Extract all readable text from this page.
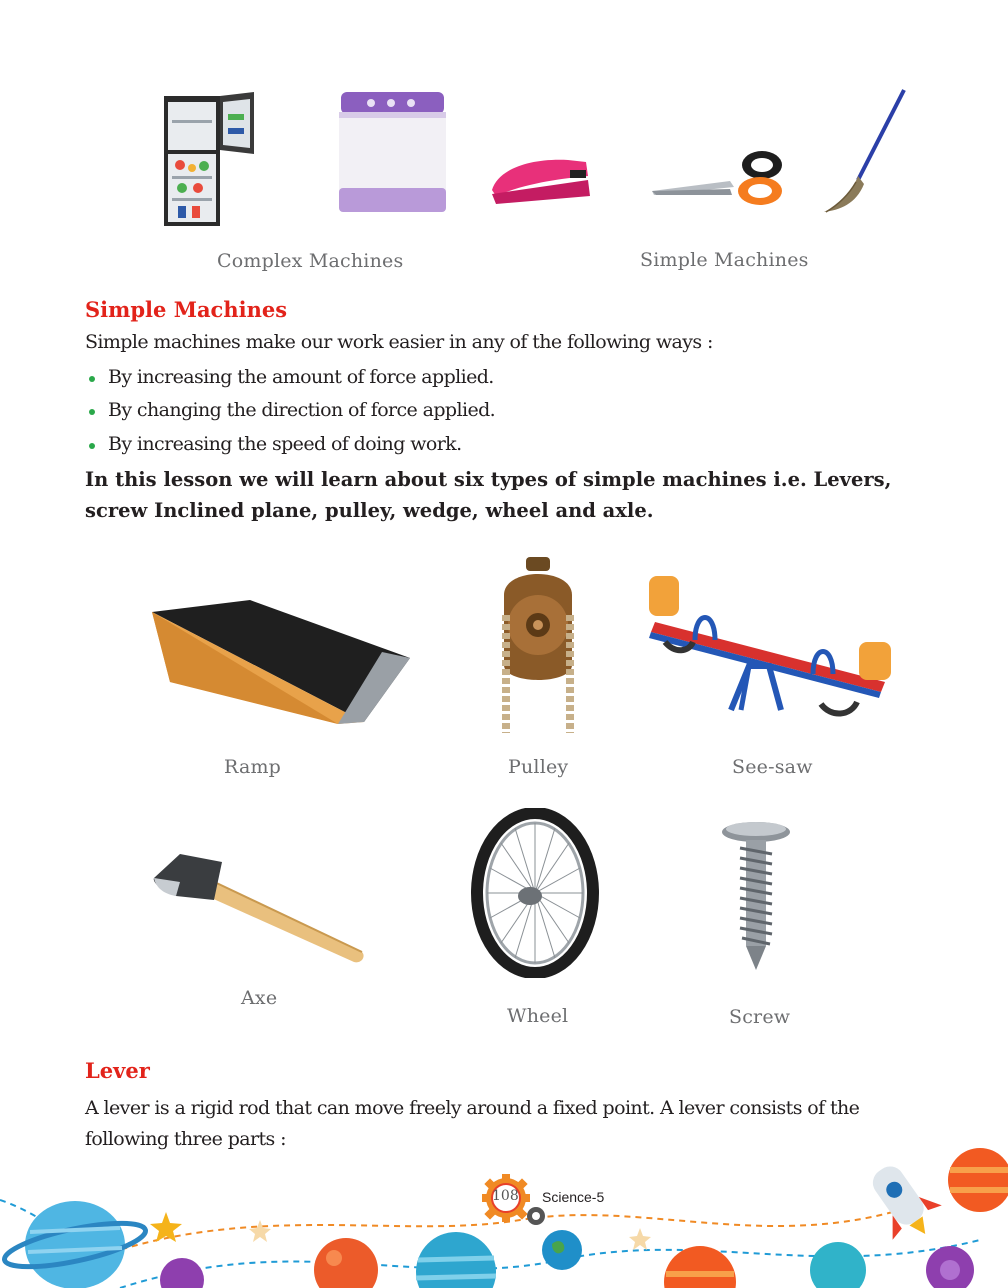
Complex Machines	Simple Machines
Simple Machines
Simple machines make our work easier in any of the following ways :
By increasing the amount of force applied.
By changing the direction of force applied.
By increasing the speed of doing work.
In this lesson we will learn about six types of simple machines i.e. Levers, screw Inclined plane, pulley, wedge, wheel and axle.
Ramp	Pulley	See-saw
Axe
Wheel	Screw
Lever
A lever is a rigid rod that can move freely around a fixed point. A lever consists of the following three parts :
108 Science-5
